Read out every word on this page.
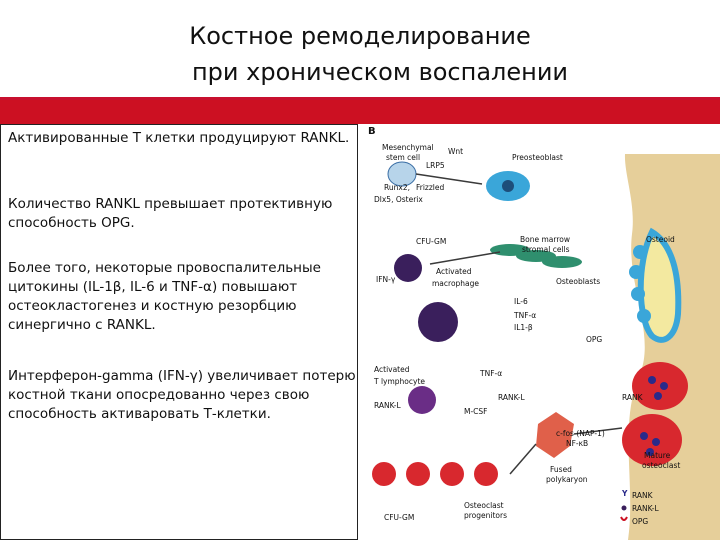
Костное ремоделирование
при хроническом воспалении
Активированные Т клетки продуцируют RANKL.
Количество RANKL превышает протективную способность OPG.
Более того, некоторые провоспалительные цитокины (IL-1β, IL-6 и TNF-α) повышают остеокластогенез и костную резорбцию синергично с RANKL.
Интерферон-gamma (IFN-γ) увеличивает потерю костной ткани опосредованно через свою способность активаровать Т-клетки.
Y
B
Mesenchymal
stem cell
Wnt
LRP5
Runx2, Frizzled
Dlx5, Osterix
Preosteoblast
CFU-GM	Bone marrow
stromal cells
Osteoid
Osteoblasts
IFN-γ
Activated
macrophage
IL-6
TNF-α
IL1-β
OPG
Activated
T lymphocyte
TNF-α
RANK-L
RANK-L
M-CSF
RANK
c-fos (NAP-1)
NF-κB
Fused
polykaryon
Mature
osteoclast
Osteoclast
progenitors
CFU-GM
RANK
RANK-L
OPG
